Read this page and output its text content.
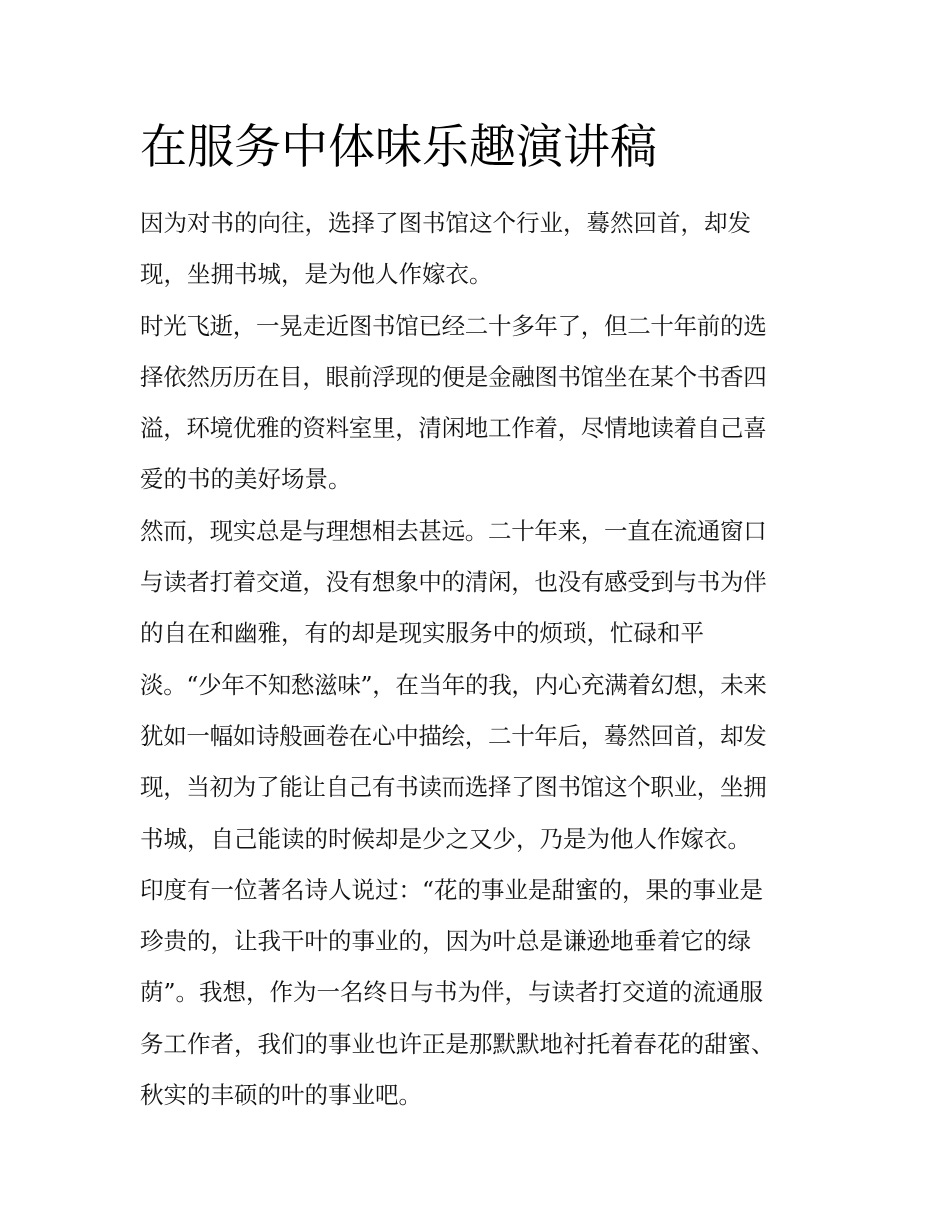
在服务中体味乐趣演讲稿
因为对书的向往，选择了图书馆这个行业，蓦然回首，却发
现，坐拥书城，是为他人作嫁衣。
时光飞逝，一晃走近图书馆已经二十多年了，但二十年前的选
择依然历历在目，眼前浮现的便是金融图书馆坐在某个书香四
溢，环境优雅的资料室里，清闲地工作着，尽情地读着自己喜
爱的书的美好场景。
然而，现实总是与理想相去甚远。二十年来，一直在流通窗口
与读者打着交道，没有想象中的清闲，也没有感受到与书为伴
的自在和幽雅，有的却是现实服务中的烦琐，忙碌和平
淡。“少年不知愁滋味”，在当年的我，内心充满着幻想，未来
犹如一幅如诗般画卷在心中描绘，二十年后，蓦然回首，却发
现，当初为了能让自己有书读而选择了图书馆这个职业，坐拥
书城，自己能读的时候却是少之又少，乃是为他人作嫁衣。
印度有一位著名诗人说过：“花的事业是甜蜜的，果的事业是
珍贵的，让我干叶的事业的，因为叶总是谦逊地垂着它的绿
荫”。我想，作为一名终日与书为伴，与读者打交道的流通服
务工作者，我们的事业也许正是那默默地衬托着春花的甜蜜、
秋实的丰硕的叶的事业吧。
